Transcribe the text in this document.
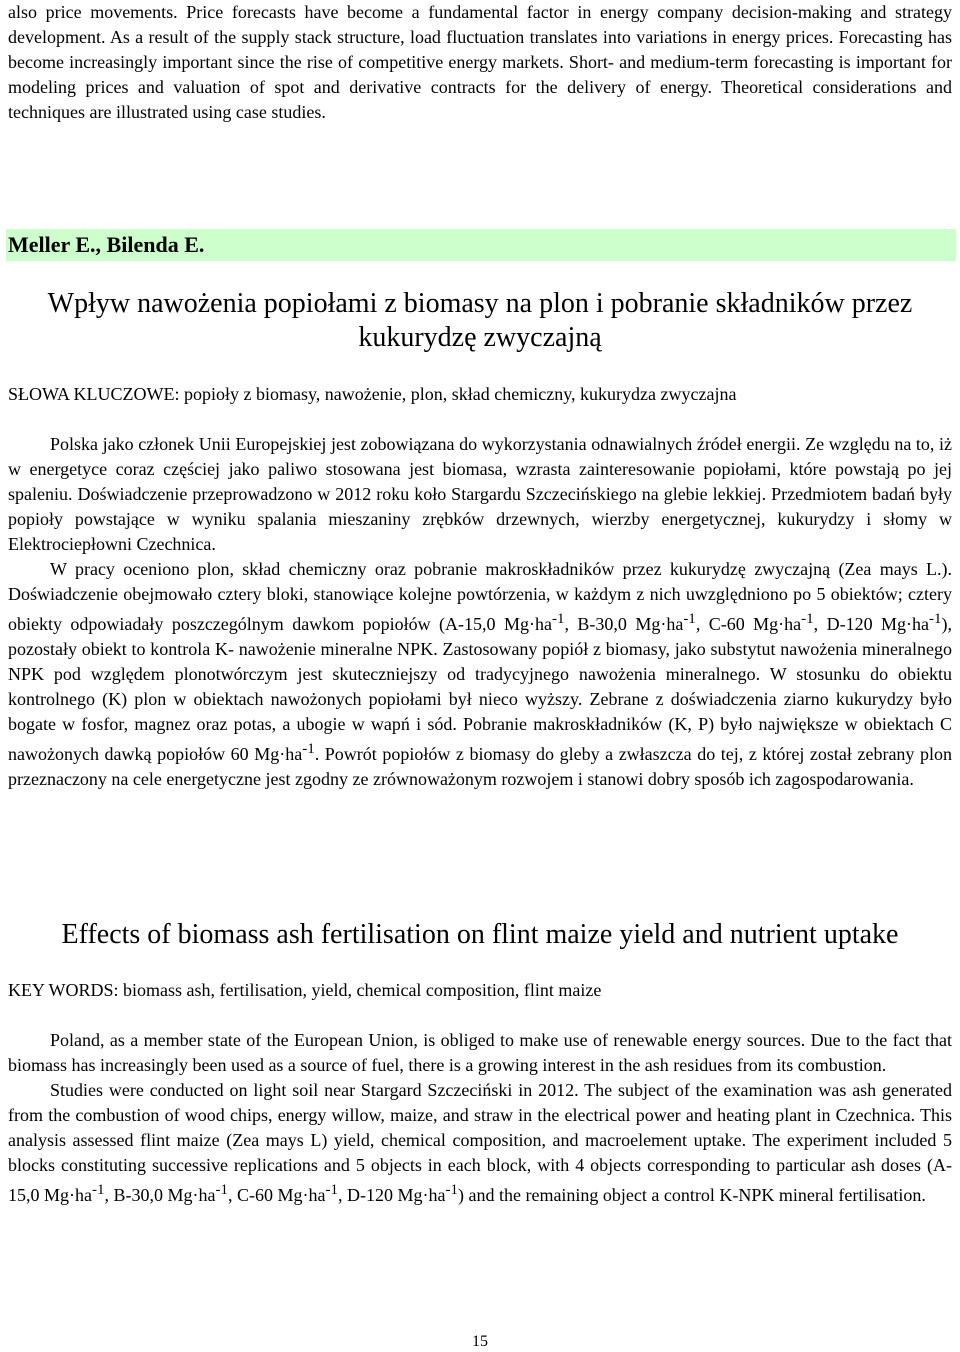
also price movements. Price forecasts have become a fundamental factor in energy company decision-making and strategy development. As a result of the supply stack structure, load fluctuation translates into variations in energy prices. Forecasting has become increasingly important since the rise of competitive energy markets. Short- and medium-term forecasting is important for modeling prices and valuation of spot and derivative contracts for the delivery of energy. Theoretical considerations and techniques are illustrated using case studies.

Meller E., Bilenda E.
Wpływ nawożenia popiołami z biomasy na plon i pobranie składników przez
kukurydzę zwyczajną
SŁOWA KLUCZOWE: popioły z biomasy, nawożenie, plon, skład chemiczny, kukurydza zwyczajna

Polska jako członek Unii Europejskiej jest zobowiązana do wykorzystania odnawialnych źródeł energii. Ze względu na to, iż w energetyce coraz częściej jako paliwo stosowana jest biomasa, wzrasta zainteresowanie popiołami, które powstają po jej spaleniu. Doświadczenie przeprowadzono w 2012 roku koło Stargardu Szczecińskiego na glebie lekkiej. Przedmiotem badań były popioły powstające w wyniku spalania mieszaniny zrębków drzewnych, wierzby energetycznej, kukurydzy i słomy w Elektrociepłowni Czechnica.

W pracy oceniono plon, skład chemiczny oraz pobranie makroskładników przez kukurydzę zwyczajną (Zea mays L.). Doświadczenie obejmowało cztery bloki, stanowiące kolejne powtórzenia, w każdym z nich uwzględniono po 5 obiektów; cztery obiekty odpowiadały poszczególnym dawkom popiołów (A-15,0 $Mg\cdot ha^{-1}$, B-30,0 $Mg\cdot ha^{-1}$, C-60 $Mg\cdot ha^{-1}$, D-120 $Mg\cdot ha^{-1}$), pozostały obiekt to kontrola K- nawożenie mineralne NPK. Zastosowany popiół z biomasy, jako substytut nawożenia mineralnego NPK pod względem plonotwórczym jest skuteczniejszy od tradycyjnego nawożenia mineralnego. W stosunku do obiektu kontrolnego (K) plon w obiektach nawożonych popiołami był nieco wyższy. Zebrane z doświadczenia ziarno kukurydzy było bogate w fosfor, magnez oraz potas, a ubogie w wapń i sód. Pobranie makroskładników (K, P) było największe w obiektach C nawożonych dawką popiołów 60 $Mg\cdot ha^{-1}$. Powrót popiołów z biomasy do gleby a zwłaszcza do tej, z której został zebrany plon przeznaczony na cele energetyczne jest zgodny ze zrównoważonym rozwojem i stanowi dobry sposób ich zagospodarowania.

Effects of biomass ash fertilisation on flint maize yield and nutrient uptake
KEY WORDS: biomass ash, fertilisation, yield, chemical composition, flint maize

Poland, as a member state of the European Union, is obliged to make use of renewable energy sources. Due to the fact that biomass has increasingly been used as a source of fuel, there is a growing interest in the ash residues from its combustion.

Studies were conducted on light soil near Stargard Szczeciński in 2012. The subject of the examination was ash generated from the combustion of wood chips, energy willow, maize, and straw in the electrical power and heating plant in Czechnica. This analysis assessed flint maize (Zea mays L) yield, chemical composition, and macroelement uptake. The experiment included 5 blocks constituting successive replications and 5 objects in each block, with 4 objects corresponding to particular ash doses (A-15,0 $Mg\cdot ha^{-1}$, B-30,0 $Mg\cdot ha^{-1}$, C-60 $Mg\cdot ha^{-1}$, D-120 $Mg\cdot ha^{-1}$) and the remaining object a control K-NPK mineral fertilisation.

15
